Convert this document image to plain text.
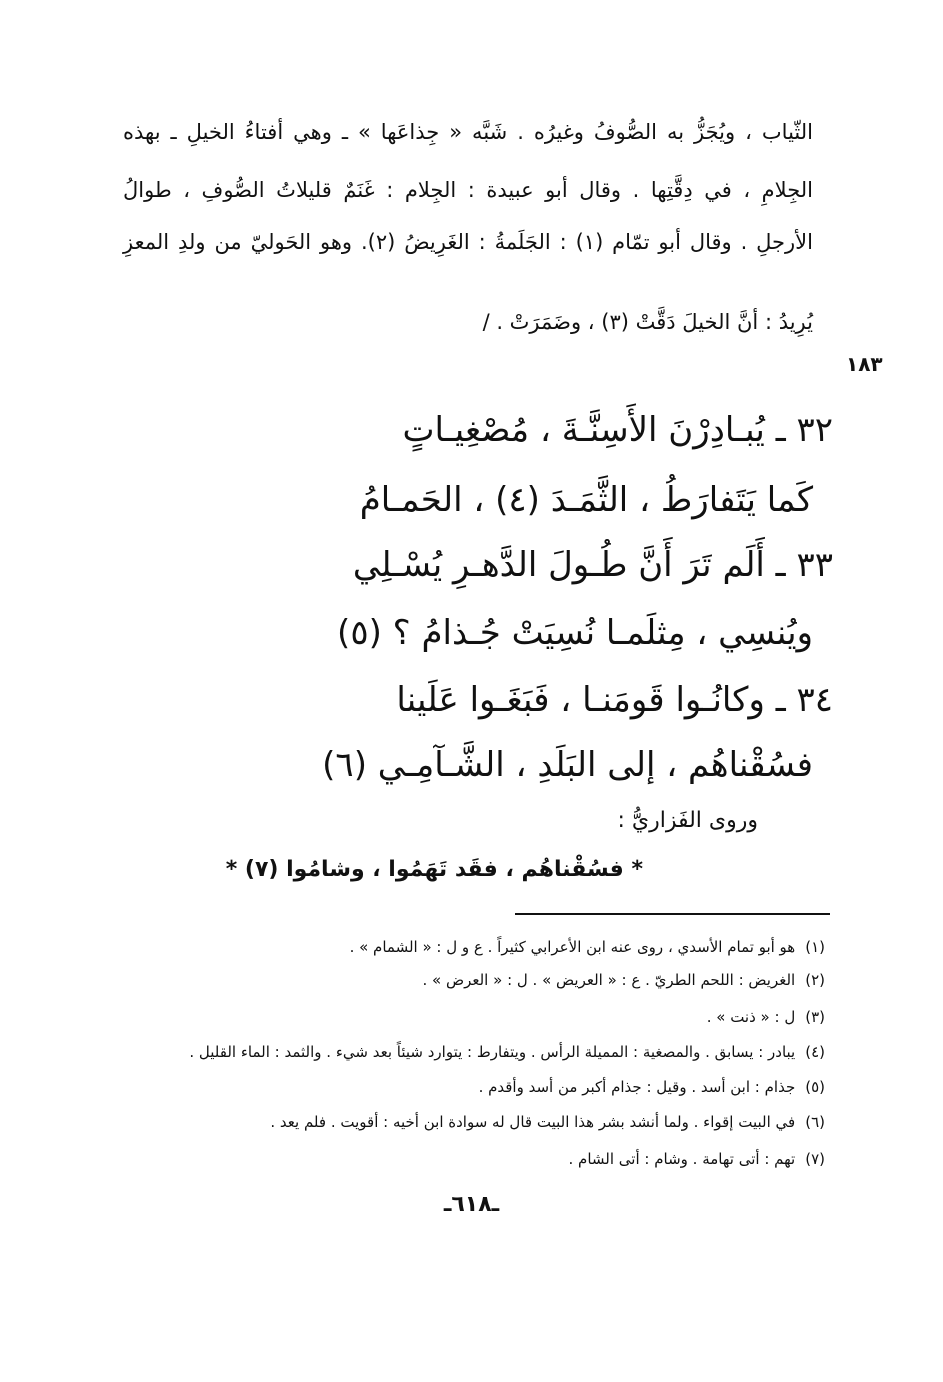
الثّياب ، ويُجَزُّ به الصُّوفُ وغيرُه . شَبَّه « جِذاعَها » ـ وهي أفتاءُ الخيلِ ـ بهذه
الجِلامِ ، في دِقَّتِها . وقال أبو عبيدة : الجِلام : غَنَمٌ قليلاتُ الصُّوفِ ، طوالُ
الأرجلِ . وقال أبو تمّام (١) : الجَلَمةُ : الغَرِيضُ (٢). وهو الحَوليّ من ولدِ المعزِ
يُرِيدُ : أنَّ الخيلَ دَقَّتْ (٣) ، وضَمَرَتْ . /
١٨٣
٣٢ ـ يُبـادِرْنَ الأَسِنَّـةَ ، مُصْغِيـاتٍ
كَما يَتَفارَطُ ، الثَّمَـدَ (٤) ، الحَمـامُ
٣٣ ـ أَلَم تَرَ أَنَّ طُـولَ الدَّهـرِ يُسْـلِي
ويُنسِي ، مِثلَمـا نُسِيَتْ جُـذامُ ؟ (٥)
٣٤ ـ وكانُـوا قَومَنـا ، فَبَغَـوا عَلَينا
فسُقْناهُم ، إلى البَلَدِ ، الشَّـآمِـي (٦)
وروى الفَزاريُّ :
* فسُقْناهُم ، فقَد تَهَمُوا ، وشامُوا (٧) *
(١)هو أبو تمام الأسدي ، روى عنه ابن الأعرابي كثيراً . ع و ل : « الشمام » .
(٢)الغريض : اللحم الطريّ . ع : « العريض » . ل : « العرض » .
(٣)ل : « ذنت » .
(٤)يبادر : يسابق . والمصغية : المميلة الرأس . ويتفارط : يتوارد شيئاً بعد شيء . والثمد : الماء القليل .
(٥)جذام : ابن أسد . وقيل : جذام أكبر من أسد وأقدم .
(٦)في البيت إقواء . ولما أنشد بشر هذا البيت قال له سوادة ابن أخيه : أقويت . فلم يعد .
(٧)تهم : أتى تهامة . وشام : أتى الشام .
ـ٦١٨ـ
